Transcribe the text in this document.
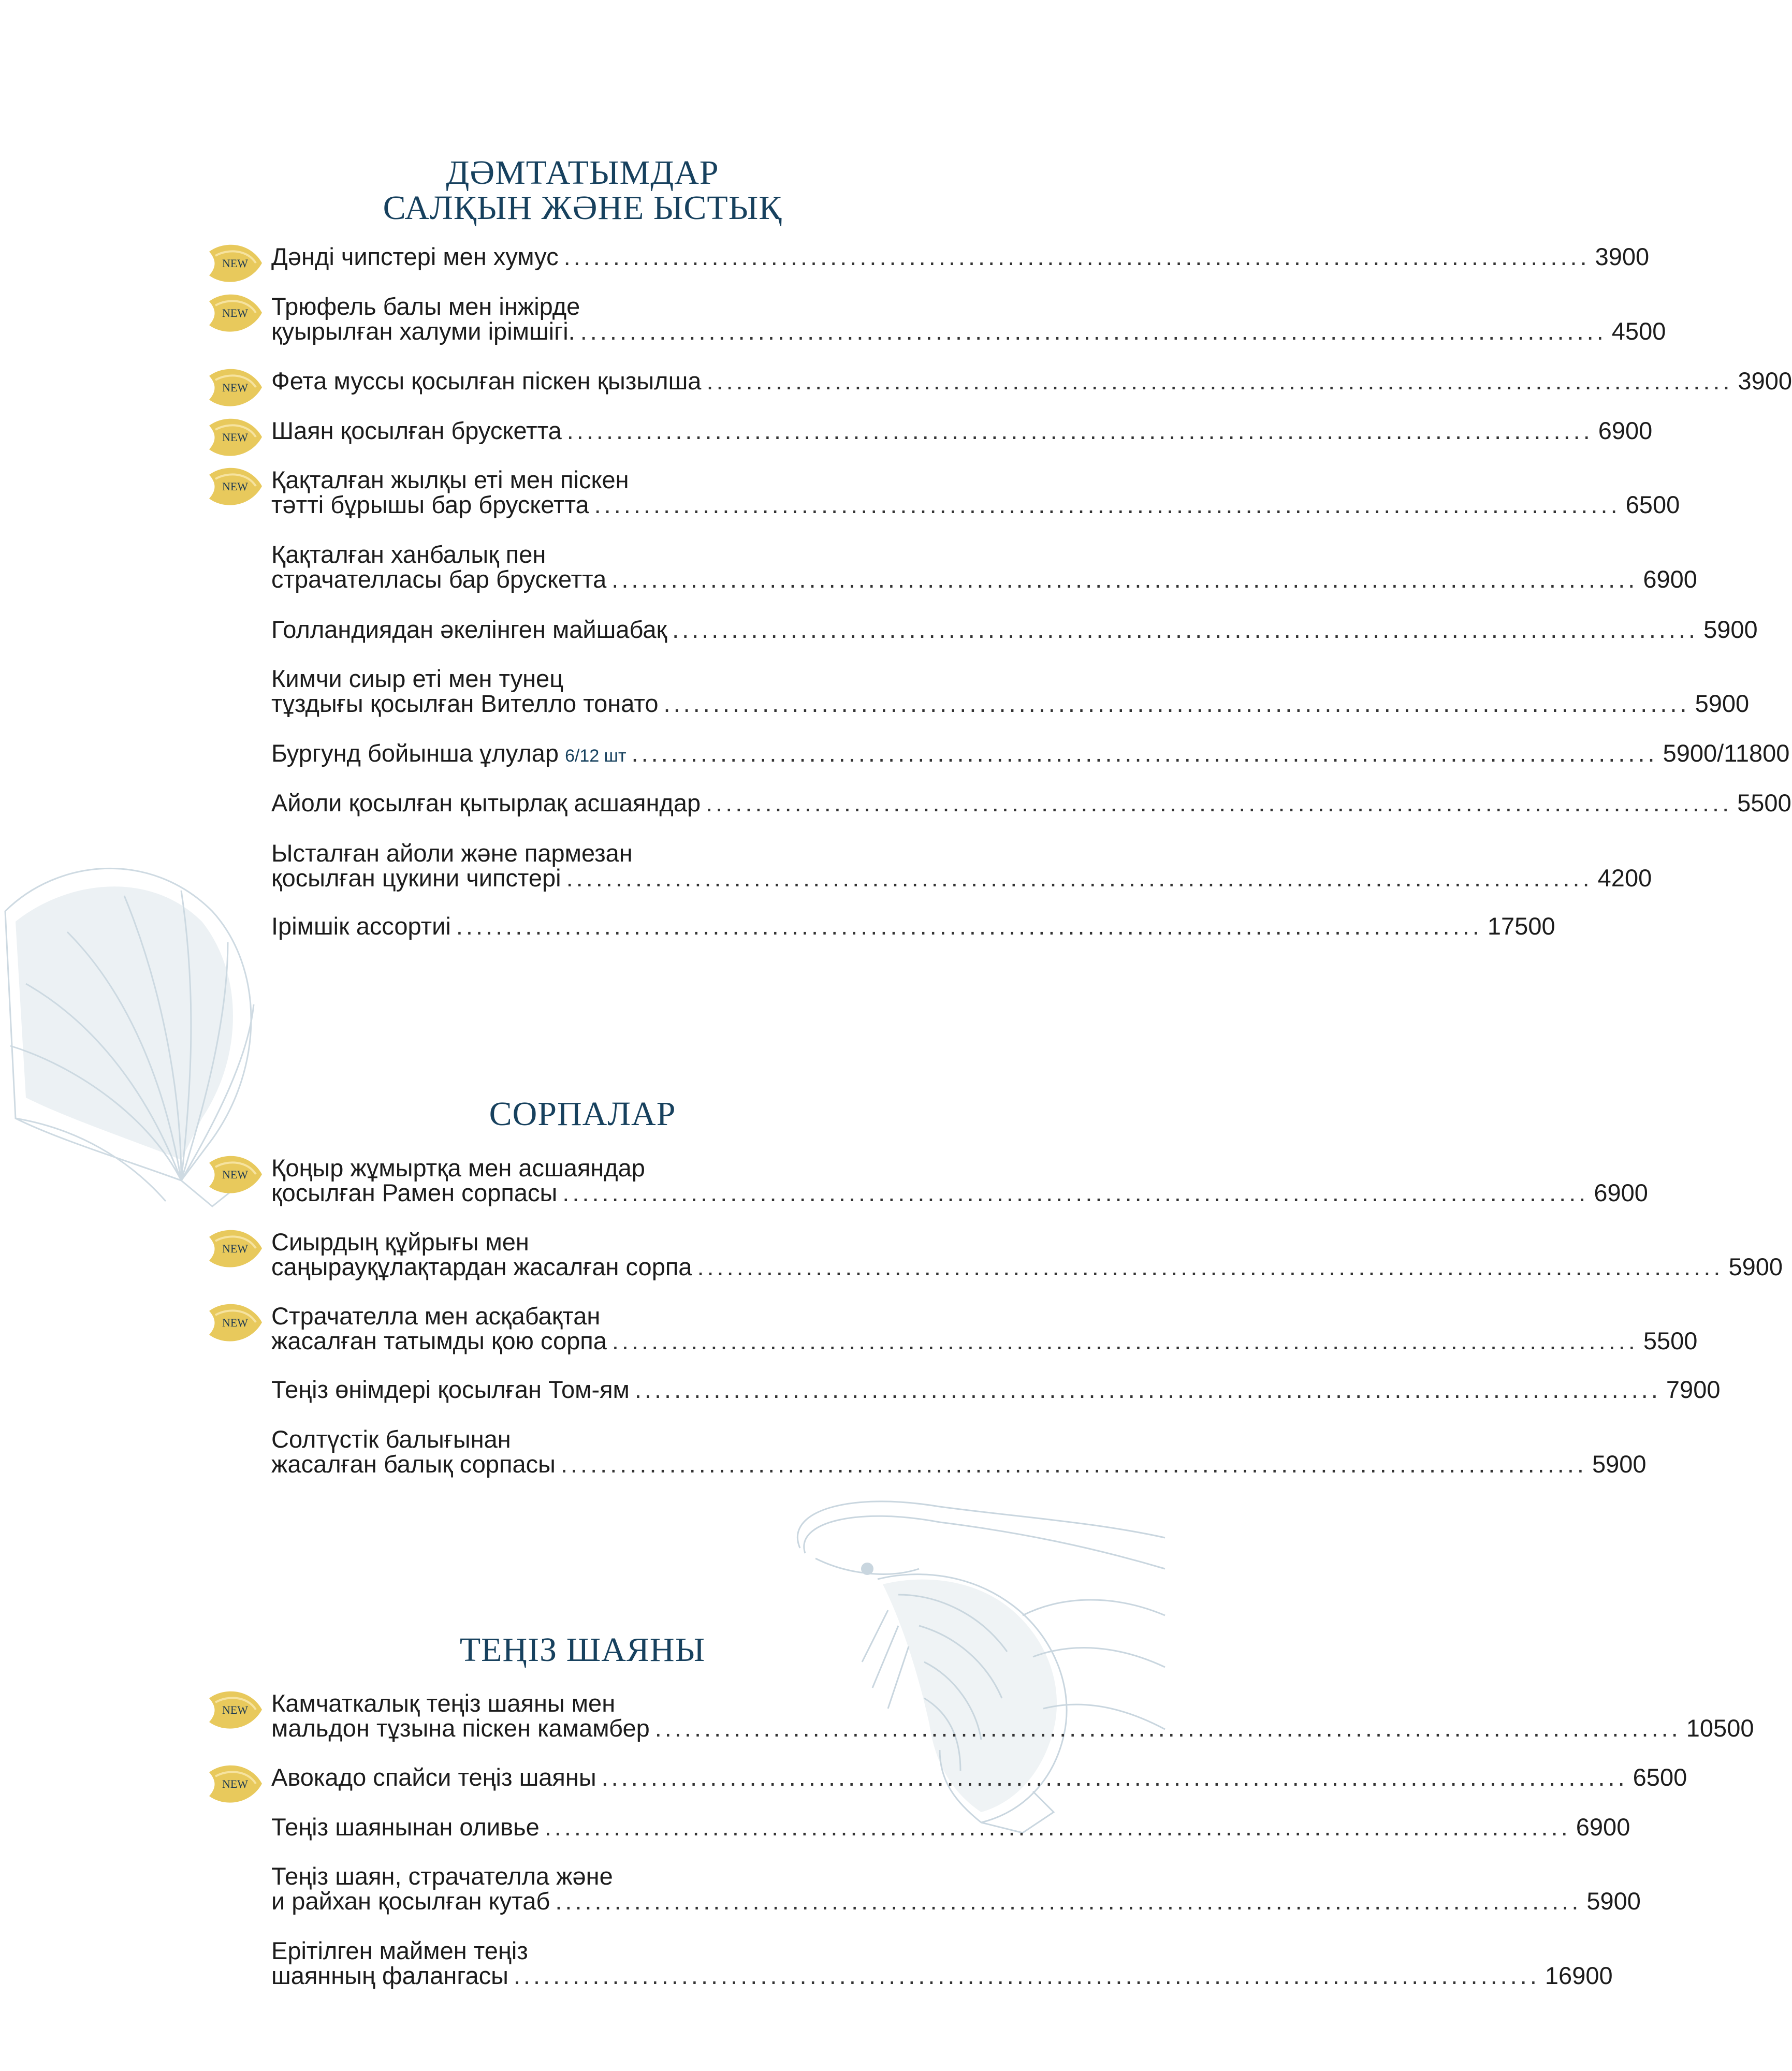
ДӘМТАТЫМДАР
САЛҚЫН ЖӘНЕ ЫСТЫҚ
NEW Дәнді чипстері мен хумус ........................................................................................................ 3900
NEW Трюфель балы мен інжірде
қуырылған халуми ірімшігі. ........................................................................................................ 4500
NEW Фета муссы қосылған піскен қызылша ........................................................................................................ 3900
NEW Шаян қосылған брускетта ........................................................................................................ 6900
NEW Қақталған жылқы еті мен піскен
тәтті бұрышы бар брускетта ........................................................................................................ 6500
Қақталған ханбалық пен
страчателласы бар брускетта ........................................................................................................ 6900
Голландиядан әкелінген майшабақ ........................................................................................................ 5900
Кимчи сиыр еті мен тунец
тұздығы қосылған Вителло тонато ........................................................................................................ 5900
Бургунд бойынша ұлулар 6/12 шт ........................................................................................................ 5900/11800
Айоли қосылған қытырлақ асшаяндар ........................................................................................................ 5500
Ысталған айоли және пармезан
қосылған цукини чипстері ........................................................................................................ 4200
Ірімшік ассортиі ........................................................................................................ 17500
СОРПАЛАР
NEW Қоңыр жұмыртқа мен асшаяндар
қосылған Рамен сорпасы ........................................................................................................ 6900
NEW Сиырдың құйрығы мен
саңырауқұлақтардан жасалған сорпа ........................................................................................................ 5900
NEW Страчателла мен асқабақтан
жасалған татымды қою сорпа ........................................................................................................ 5500
Теңіз өнімдері қосылған Том-ям ........................................................................................................ 7900
Солтүстік балығынан
жасалған балық сорпасы ........................................................................................................ 5900
ТЕҢІЗ ШАЯНЫ
NEW Камчаткалық теңіз шаяны мен
мальдон тұзына піскен камамбер ........................................................................................................ 10500
NEW Авокадо спайси теңіз шаяны ........................................................................................................ 6500
Теңіз шаянынан оливье ........................................................................................................ 6900
Теңіз шаян, страчателла және
и райхан қосылған кутаб ........................................................................................................ 5900
Ерітілген маймен теңіз
шаянның фалангасы ........................................................................................................ 16900
